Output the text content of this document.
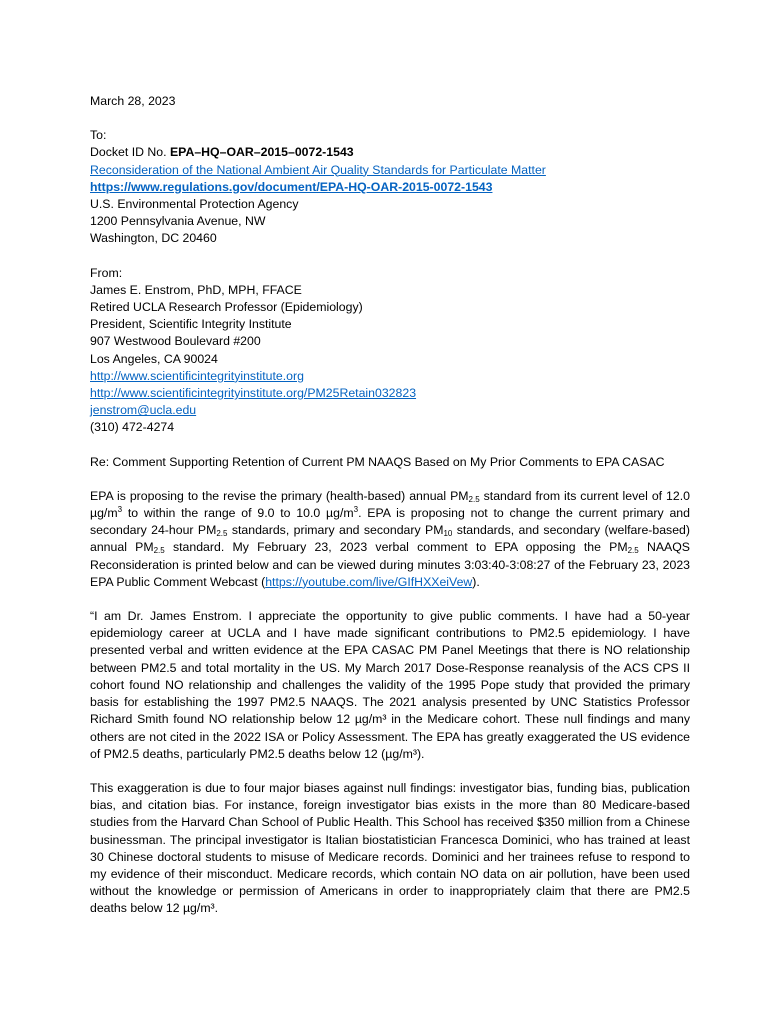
March 28, 2023
To:
Docket ID No. EPA–HQ–OAR–2015–0072-1543
Reconsideration of the National Ambient Air Quality Standards for Particulate Matter
https://www.regulations.gov/document/EPA-HQ-OAR-2015-0072-1543
U.S. Environmental Protection Agency
1200 Pennsylvania Avenue, NW
Washington, DC 20460
From:
James E. Enstrom, PhD, MPH, FFACE
Retired UCLA Research Professor (Epidemiology)
President, Scientific Integrity Institute
907 Westwood Boulevard #200
Los Angeles, CA 90024
http://www.scientificintegrityinstitute.org
http://www.scientificintegrityinstitute.org/PM25Retain032823
jenstrom@ucla.edu
(310) 472-4274
Re: Comment Supporting Retention of Current PM NAAQS Based on My Prior Comments to EPA CASAC
EPA is proposing to the revise the primary (health-based) annual $PM_{2.5}$ standard from its current level of 12.0 $\mu g/m^3$ to within the range of 9.0 to 10.0 $\mu g/m^3$. EPA is proposing not to change the current primary and secondary 24-hour $PM_{2.5}$ standards, primary and secondary $PM_{10}$ standards, and secondary (welfare-based) annual $PM_{2.5}$ standard. My February 23, 2023 verbal comment to EPA opposing the $PM_{2.5}$ NAAQS Reconsideration is printed below and can be viewed during minutes 3:03:40-3:08:27 of the February 23, 2023 EPA Public Comment Webcast (https://youtube.com/live/GIfHXXeiVew).
“I am Dr. James Enstrom. I appreciate the opportunity to give public comments. I have had a 50-year epidemiology career at UCLA and I have made significant contributions to PM2.5 epidemiology. I have presented verbal and written evidence at the EPA CASAC PM Panel Meetings that there is NO relationship between PM2.5 and total mortality in the US. My March 2017 Dose-Response reanalysis of the ACS CPS II cohort found NO relationship and challenges the validity of the 1995 Pope study that provided the primary basis for establishing the 1997 PM2.5 NAAQS. The 2021 analysis presented by UNC Statistics Professor Richard Smith found NO relationship below 12 µg/m³ in the Medicare cohort. These null findings and many others are not cited in the 2022 ISA or Policy Assessment. The EPA has greatly exaggerated the US evidence of PM2.5 deaths, particularly PM2.5 deaths below 12 (µg/m³).
This exaggeration is due to four major biases against null findings: investigator bias, funding bias, publication bias, and citation bias. For instance, foreign investigator bias exists in the more than 80 Medicare-based studies from the Harvard Chan School of Public Health. This School has received $350 million from a Chinese businessman. The principal investigator is Italian biostatistician Francesca Dominici, who has trained at least 30 Chinese doctoral students to misuse of Medicare records. Dominici and her trainees refuse to respond to my evidence of their misconduct. Medicare records, which contain NO data on air pollution, have been used without the knowledge or permission of Americans in order to inappropriately claim that there are PM2.5 deaths below 12 µg/m³.
